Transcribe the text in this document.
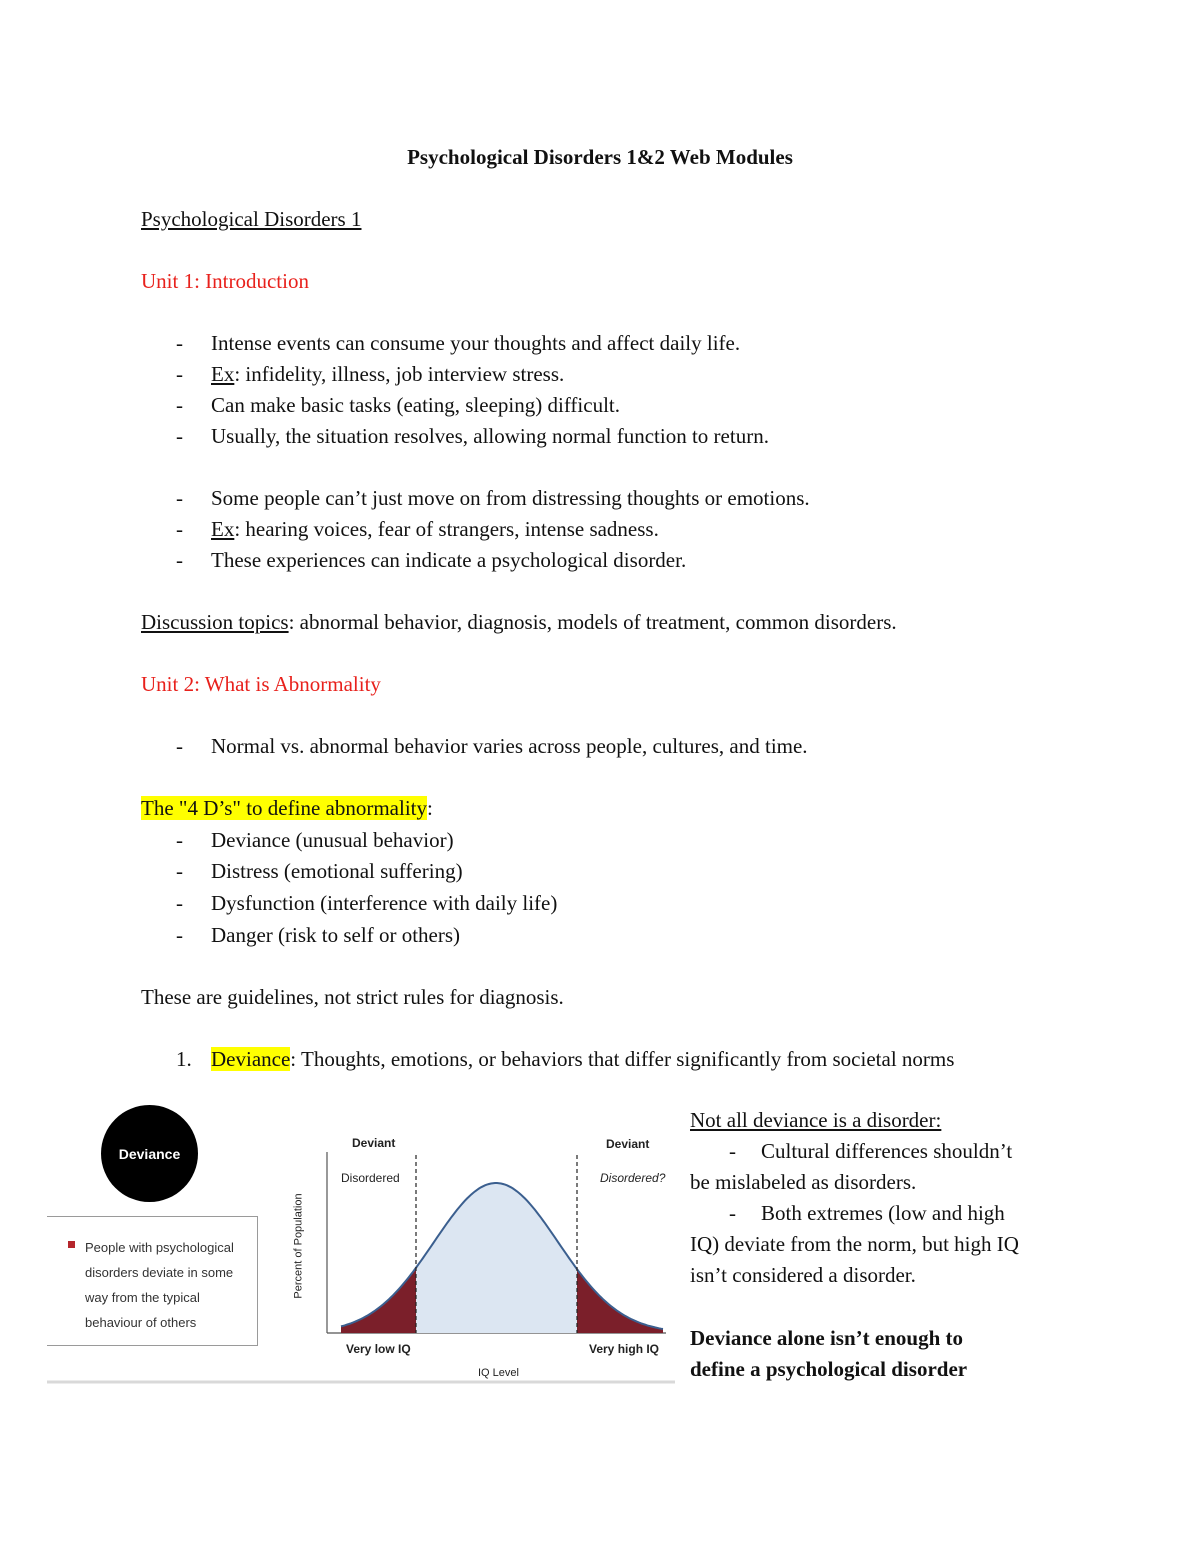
Psychological Disorders 1&2 Web Modules
Psychological Disorders 1
Unit 1: Introduction
- Intense events can consume your thoughts and affect daily life.
- Ex: infidelity, illness, job interview stress.
- Can make basic tasks (eating, sleeping) difficult.
- Usually, the situation resolves, allowing normal function to return.
- Some people can’t just move on from distressing thoughts or emotions.
- Ex: hearing voices, fear of strangers, intense sadness.
- These experiences can indicate a psychological disorder.
Discussion topics: abnormal behavior, diagnosis, models of treatment, common disorders.
Unit 2: What is Abnormality
- Normal vs. abnormal behavior varies across people, cultures, and time.
The "4 D’s" to define abnormality:
- Deviance (unusual behavior)
- Distress (emotional suffering)
- Dysfunction (interference with daily life)
- Danger (risk to self or others)
These are guidelines, not strict rules for diagnosis.
1. Deviance: Thoughts, emotions, or behaviors that differ significantly from societal norms
People with psychological
disorders deviate in some
way from the typical
behaviour of others
Deviance
Deviant
Disordered
Deviant
Disordered?
Percent of Population
Very low IQ	Very high IQ
IQ Level
Not all deviance is a disorder:
- Cultural differences shouldn’t
be mislabeled as disorders.
- Both extremes (low and high
IQ) deviate from the norm, but high IQ
isn’t considered a disorder.
Deviance alone isn’t enough to
define a psychological disorder
